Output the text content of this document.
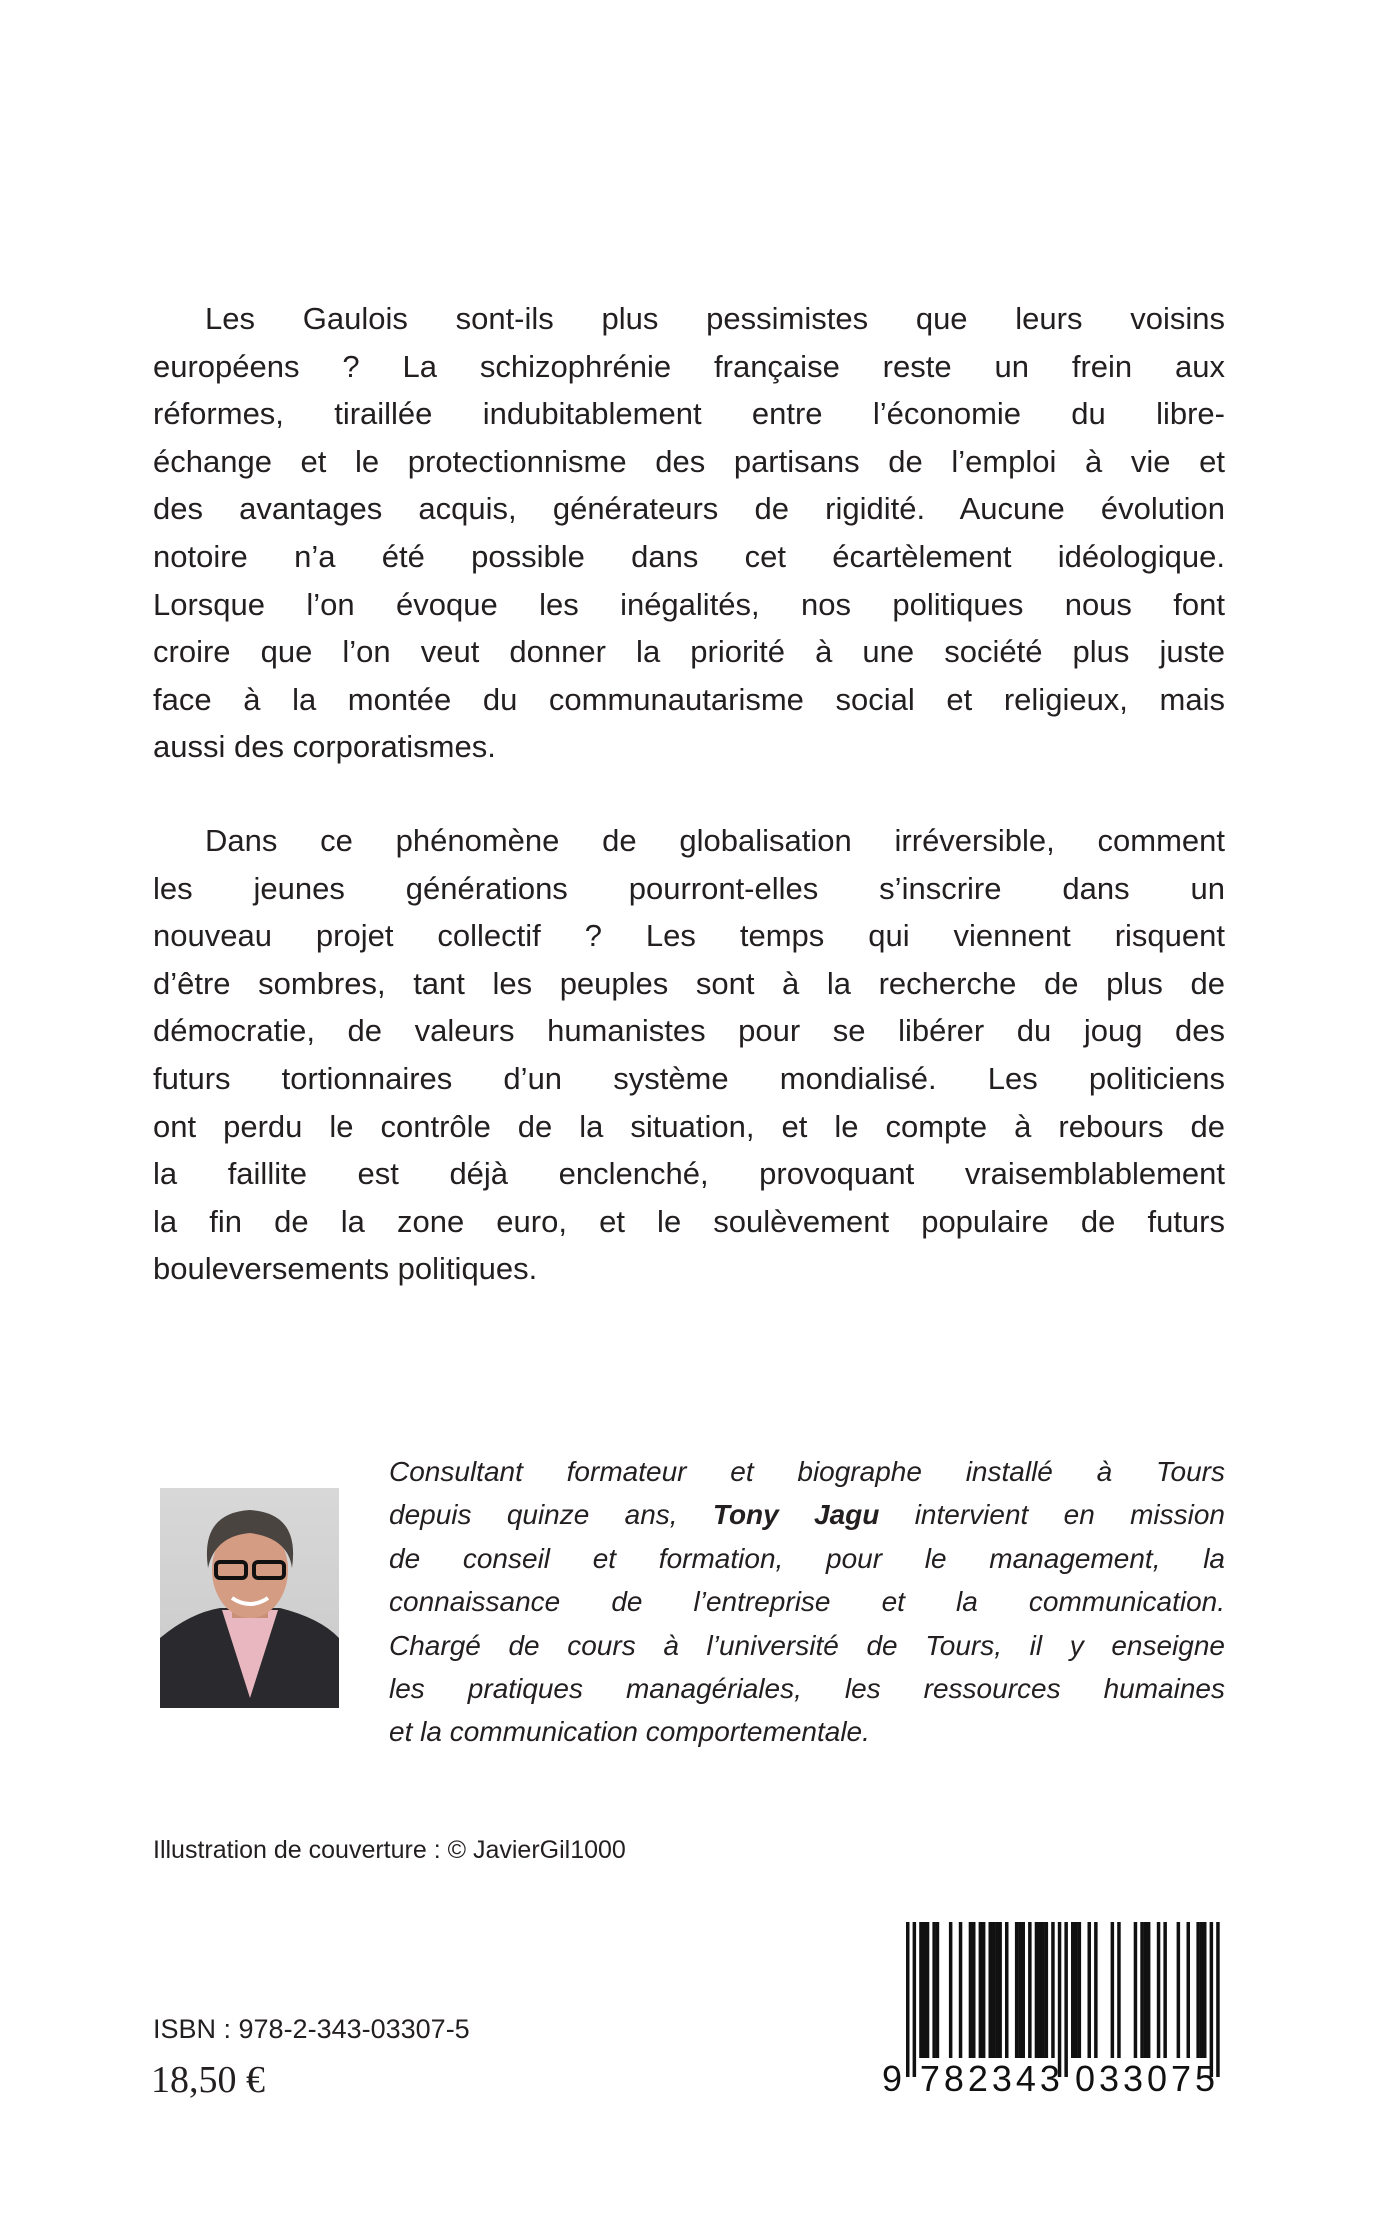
Les Gaulois sont-ils plus pessimistes que leurs voisins
européens ? La schizophrénie française reste un frein aux
réformes, tiraillée indubitablement entre l’économie du libre-
échange et le protectionnisme des partisans de l’emploi à vie et
des avantages acquis, générateurs de rigidité. Aucune évolution
notoire n’a été possible dans cet écartèlement idéologique.
Lorsque l’on évoque les inégalités, nos politiques nous font
croire que l’on veut donner la priorité à une société plus juste
face à la montée du communautarisme social et religieux, mais
aussi des corporatismes.
Dans ce phénomène de globalisation irréversible, comment
les jeunes générations pourront-elles s’inscrire dans un
nouveau projet collectif ? Les temps qui viennent risquent
d’être sombres, tant les peuples sont à la recherche de plus de
démocratie, de valeurs humanistes pour se libérer du joug des
futurs tortionnaires d’un système mondialisé. Les politiciens
ont perdu le contrôle de la situation, et le compte à rebours de
la faillite est déjà enclenché, provoquant vraisemblablement
la fin de la zone euro, et le soulèvement populaire de futurs
bouleversements politiques.
Consultant formateur et biographe installé à Tours
depuis quinze ans, Tony Jagu intervient en mission
de conseil et formation, pour le management, la
connaissance de l’entreprise et la communication.
Chargé de cours à l’université de Tours, il y enseigne
les pratiques managériales, les ressources humaines
et la communication comportementale.
Illustration de couverture : © JavierGil1000
ISBN : 978-2-343-03307-5
18,50 €	9 782343 033075
